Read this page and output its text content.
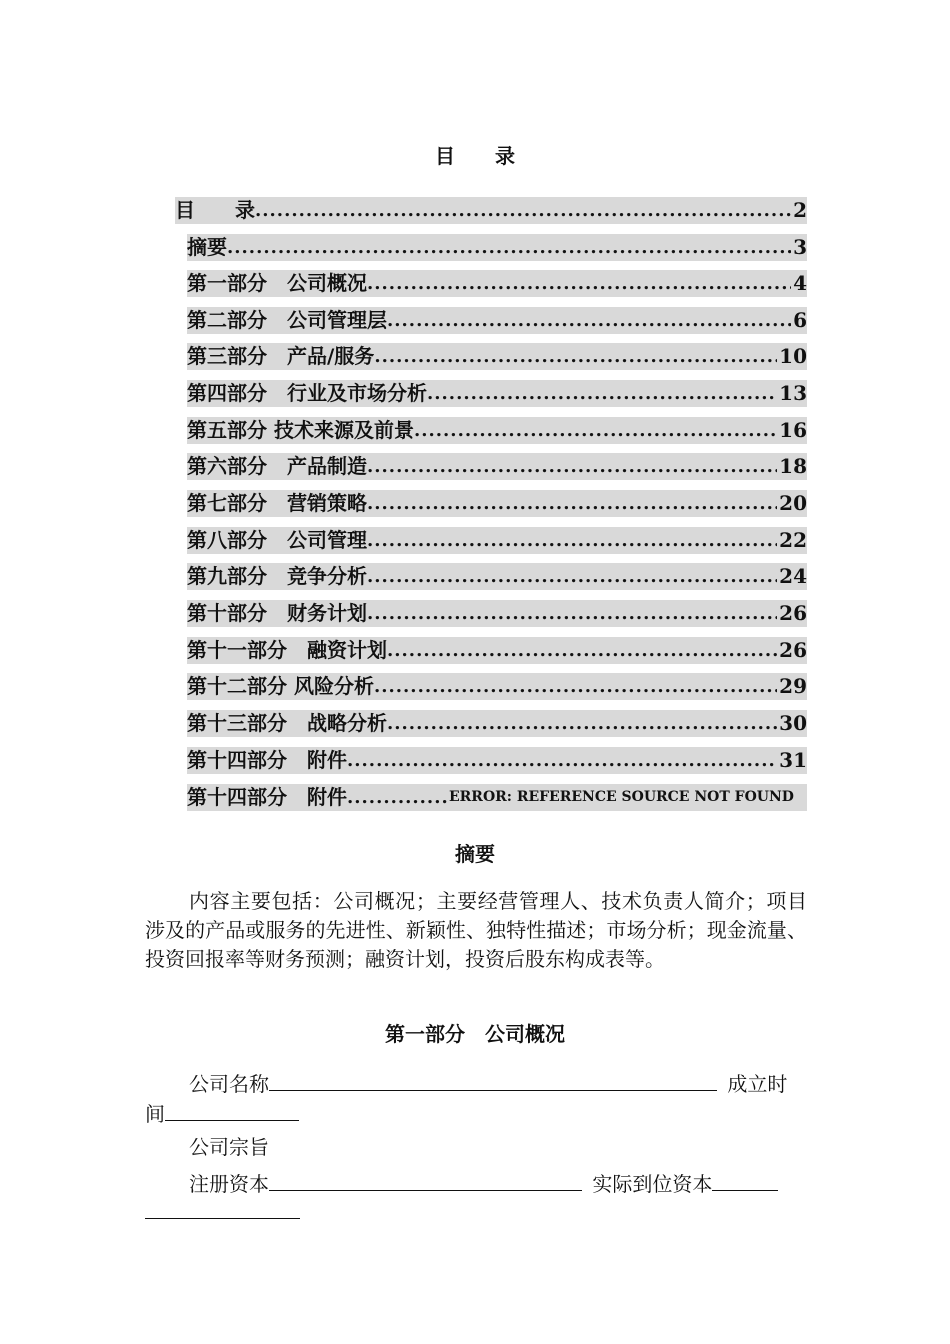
目　　录
目　　录 .....	2
摘要 .....	3
第一部分　公司概况 .....	4
第二部分　公司管理层 .....	6
第三部分　产品/服务 .....	10
第四部分　行业及市场分析 .....	13
第五部分 技术来源及前景 .....	16
第六部分　产品制造 .....	18
第七部分　营销策略 .....	20
第八部分　公司管理 .....	22
第九部分　竞争分析 .....	24
第十部分　财务计划 .....	26
第十一部分　融资计划 .....	26
第十二部分 风险分析 .....	29
第十三部分　战略分析 .....	30
第十四部分　附件 .....	31
第十四部分　附件 .....	ERROR: REFERENCE SOURCE NOT FOUND
摘要
内容主要包括：公司概况；主要经营管理人、技术负责人简介；项目涉及的产品或服务的先进性、新颖性、独特性描述；市场分析；现金流量、投资回报率等财务预测；融资计划，投资后股东构成表等。
第一部分　公司概况
公司名称	成立时
间
公司宗旨
注册资本	实际到位资本
